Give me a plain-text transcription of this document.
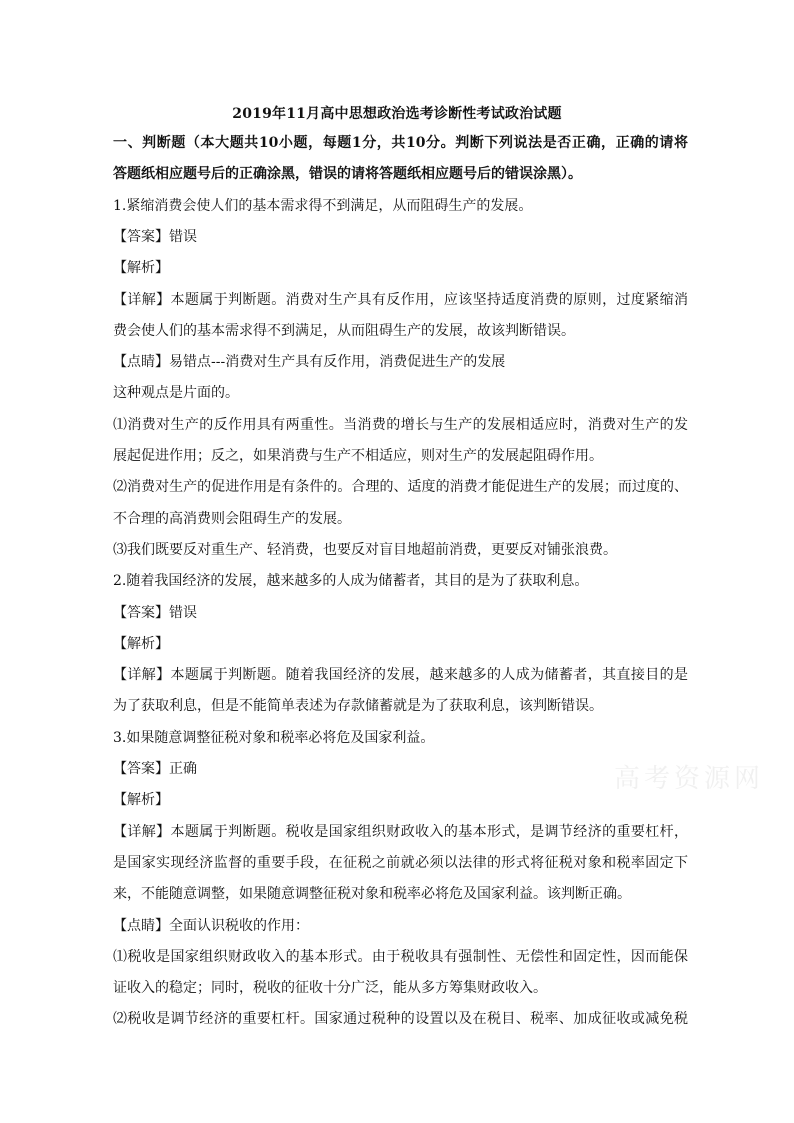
2019年11月高中思想政治选考诊断性考试政治试题
一、判断题（本大题共10小题，每题1分，共10分。判断下列说法是否正确，正确的请将
答题纸相应题号后的正确涂黑，错误的请将答题纸相应题号后的错误涂黑）。
1.紧缩消费会使人们的基本需求得不到满足，从而阻碍生产的发展。
【答案】错误
【解析】
【详解】本题属于判断题。消费对生产具有反作用，应该坚持适度消费的原则，过度紧缩消
费会使人们的基本需求得不到满足，从而阻碍生产的发展，故该判断错误。
【点睛】易错点---消费对生产具有反作用，消费促进生产的发展
这种观点是片面的。
⑴消费对生产的反作用具有两重性。当消费的增长与生产的发展相适应时，消费对生产的发
展起促进作用；反之，如果消费与生产不相适应，则对生产的发展起阻碍作用。
⑵消费对生产的促进作用是有条件的。合理的、适度的消费才能促进生产的发展；而过度的、
不合理的高消费则会阻碍生产的发展。
⑶我们既要反对重生产、轻消费，也要反对盲目地超前消费，更要反对铺张浪费。
2.随着我国经济的发展，越来越多的人成为储蓄者，其目的是为了获取利息。
【答案】错误
【解析】
【详解】本题属于判断题。随着我国经济的发展，越来越多的人成为储蓄者，其直接目的是
为了获取利息，但是不能简单表述为存款储蓄就是为了获取利息，该判断错误。
3.如果随意调整征税对象和税率必将危及国家利益。
【答案】正确
【解析】
【详解】本题属于判断题。税收是国家组织财政收入的基本形式，是调节经济的重要杠杆，
是国家实现经济监督的重要手段，在征税之前就必须以法律的形式将征税对象和税率固定下
来，不能随意调整，如果随意调整征税对象和税率必将危及国家利益。该判断正确。
【点睛】全面认识税收的作用：
⑴税收是国家组织财政收入的基本形式。由于税收具有强制性、无偿性和固定性，因而能保
证收入的稳定；同时，税收的征收十分广泛，能从多方筹集财政收入。
⑵税收是调节经济的重要杠杆。国家通过税种的设置以及在税目、税率、加成征收或减免税
高考资源网
